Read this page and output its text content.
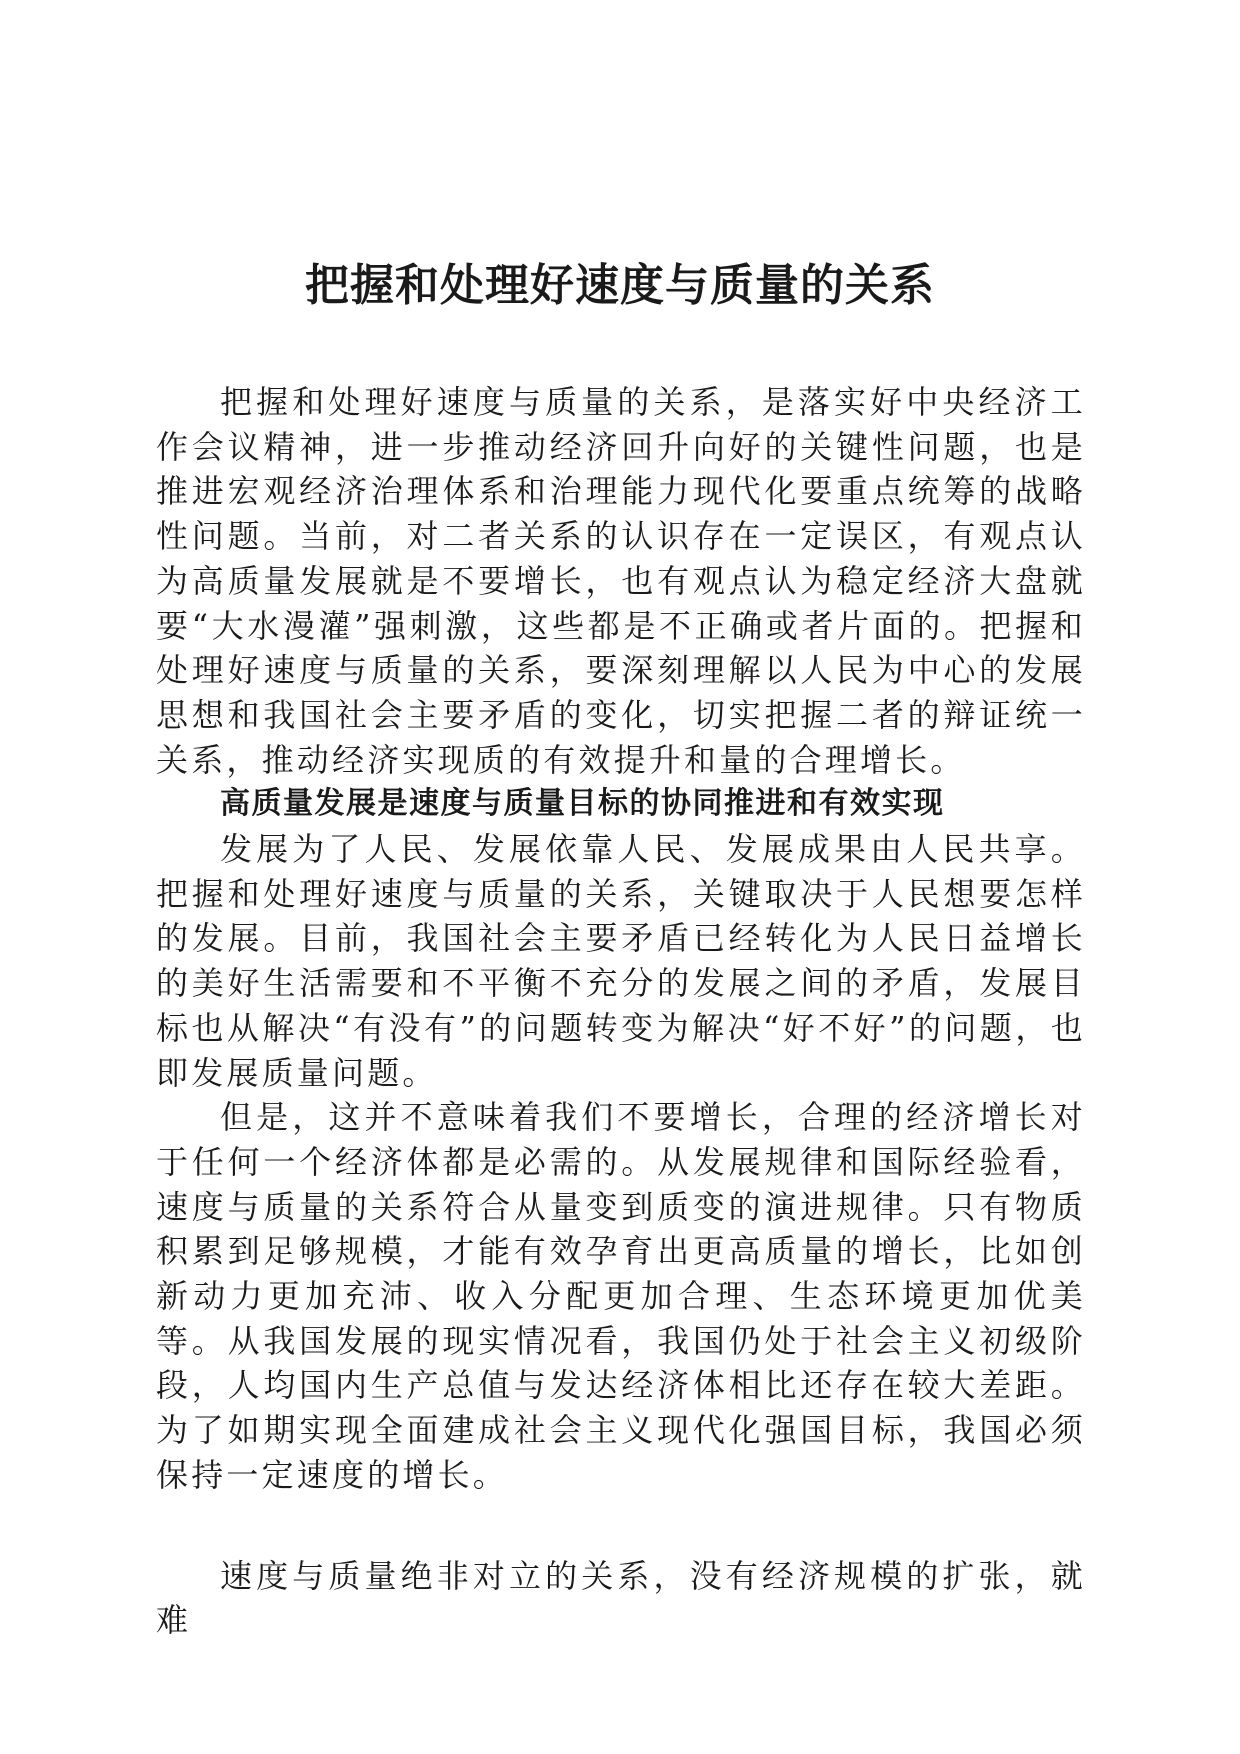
把握和处理好速度与质量的关系

把握和处理好速度与质量的关系，是落实好中央经济工作会议精神，进一步推动经济回升向好的关键性问题，也是推进宏观经济治理体系和治理能力现代化要重点统筹的战略性问题。当前，对二者关系的认识存在一定误区，有观点认为高质量发展就是不要增长，也有观点认为稳定经济大盘就要“大水漫灌”强刺激，这些都是不正确或者片面的。把握和处理好速度与质量的关系，要深刻理解以人民为中心的发展思想和我国社会主要矛盾的变化，切实把握二者的辩证统一关系，推动经济实现质的有效提升和量的合理增长。

高质量发展是速度与质量目标的协同推进和有效实现

发展为了人民、发展依靠人民、发展成果由人民共享。把握和处理好速度与质量的关系，关键取决于人民想要怎样的发展。目前，我国社会主要矛盾已经转化为人民日益增长的美好生活需要和不平衡不充分的发展之间的矛盾，发展目标也从解决“有没有”的问题转变为解决“好不好”的问题，也即发展质量问题。

但是，这并不意味着我们不要增长，合理的经济增长对于任何一个经济体都是必需的。从发展规律和国际经验看，速度与质量的关系符合从量变到质变的演进规律。只有物质积累到足够规模，才能有效孕育出更高质量的增长，比如创新动力更加充沛、收入分配更加合理、生态环境更加优美等。从我国发展的现实情况看，我国仍处于社会主义初级阶段，人均国内生产总值与发达经济体相比还存在较大差距。为了如期实现全面建成社会主义现代化强国目标，我国必须保持一定速度的增长。

速度与质量绝非对立的关系，没有经济规模的扩张，就难
